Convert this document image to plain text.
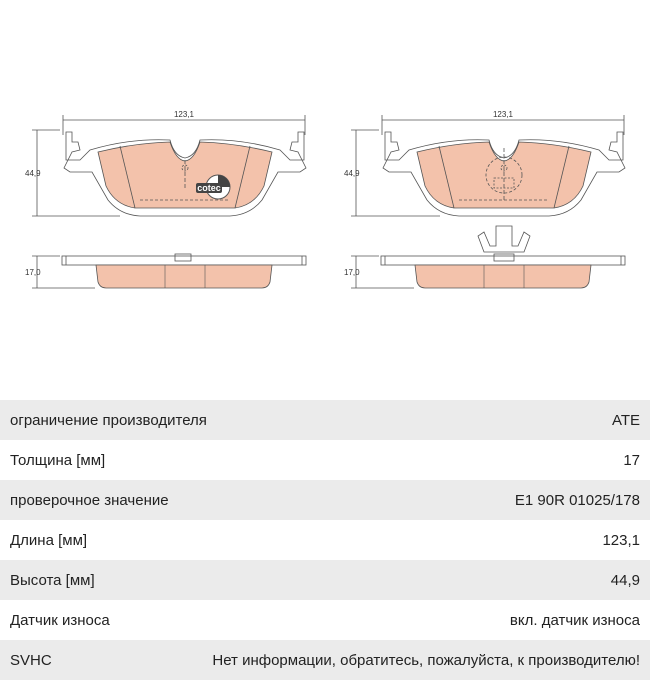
cotec
123,1
44,9
17,0
123,1
44,9
17,0
ограничение производителя	ATE
Толщина [мм]	17
проверочное значение	E1 90R 01025/178
Длина [мм]	123,1
Высота [мм]	44,9
Датчик износа	вкл. датчик износа
SVHC	Нет информации, обратитесь, пожалуйста, к производителю!
